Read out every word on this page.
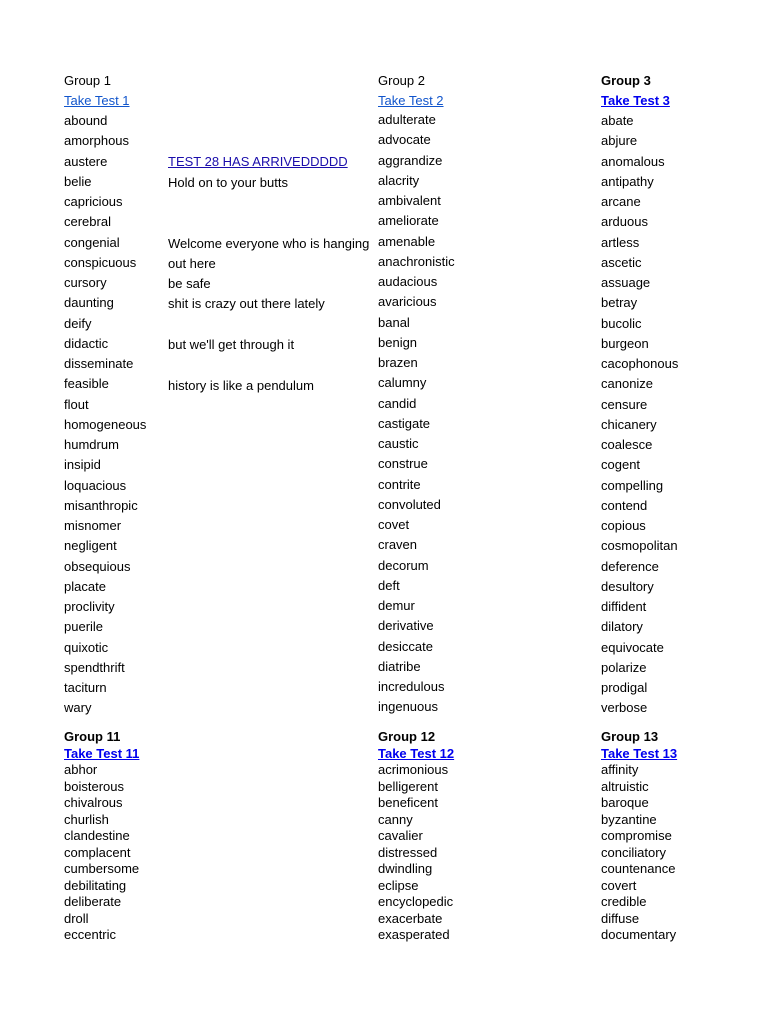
Group 1
Take Test 1
abound
amorphous
austere
belie
capricious
cerebral
congenial
conspicuous
cursory
daunting
deify
didactic
disseminate
feasible
flout
homogeneous
humdrum
insipid
loquacious
misanthropic
misnomer
negligent
obsequious
placate
proclivity
puerile
quixotic
spendthrift
taciturn
wary
TEST 28 HAS ARRIVEDDDDD
Hold on to your butts
Welcome everyone who is hanging
out here
be safe
shit is crazy out there lately
but we'll get through it
history is like a pendulum
Group 2
Take Test 2
adulterate
advocate
aggrandize
alacrity
ambivalent
ameliorate
amenable
anachronistic
audacious
avaricious
banal
benign
brazen
calumny
candid
castigate
caustic
construe
contrite
convoluted
covet
craven
decorum
deft
demur
derivative
desiccate
diatribe
incredulous
ingenuous
Group 3
Take Test 3
abate
abjure
anomalous
antipathy
arcane
arduous
artless
ascetic
assuage
betray
bucolic
burgeon
cacophonous
canonize
censure
chicanery
coalesce
cogent
compelling
contend
copious
cosmopolitan
deference
desultory
diffident
dilatory
equivocate
polarize
prodigal
verbose
Group 11
Take Test 11
abhor
boisterous
chivalrous
churlish
clandestine
complacent
cumbersome
debilitating
deliberate
droll
eccentric
Group 12
Take Test 12
acrimonious
belligerent
beneficent
canny
cavalier
distressed
dwindling
eclipse
encyclopedic
exacerbate
exasperated
Group 13
Take Test 13
affinity
altruistic
baroque
byzantine
compromise
conciliatory
countenance
covert
credible
diffuse
documentary
